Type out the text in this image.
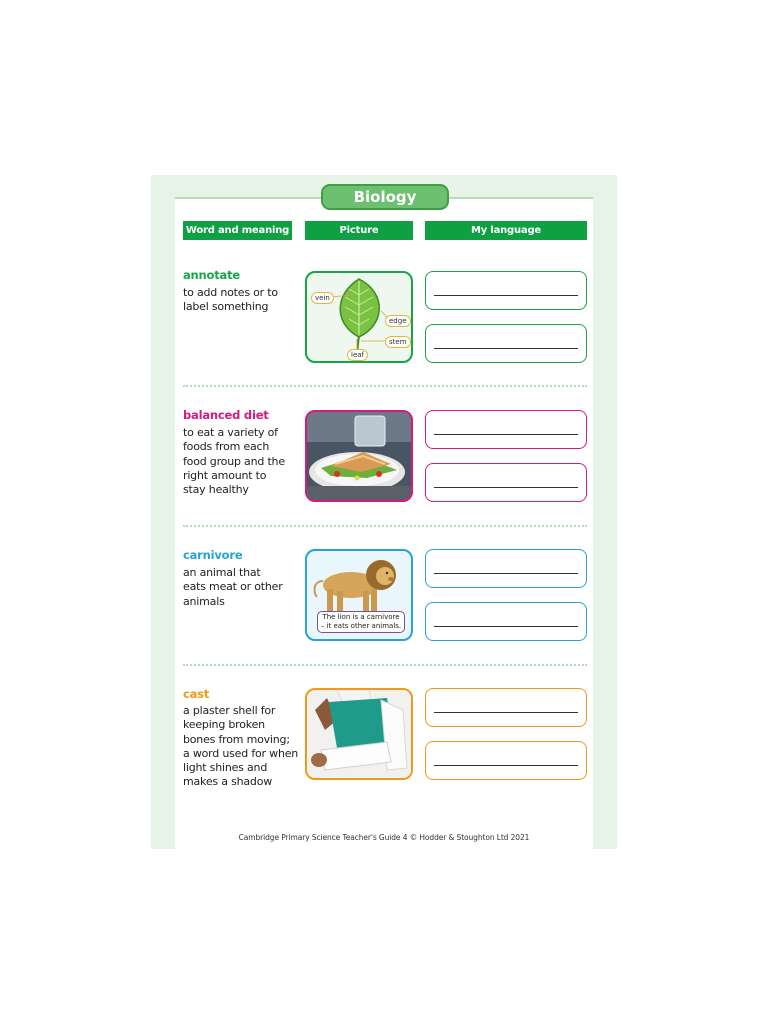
Biology
Word and meaning	Picture	My language
annotate
to add notes or to
label something
vein
edge
stem
leaf
balanced diet
to eat a variety of
foods from each
food group and the
right amount to
stay healthy
carnivore
an animal that
eats meat or other
animals
The lion is a carnivore
– it eats other animals.
cast
a plaster shell for
keeping broken
bones from moving;
a word used for when
light shines and
makes a shadow
Cambridge Primary Science Teacher's Guide 4 © Hodder & Stoughton Ltd 2021
